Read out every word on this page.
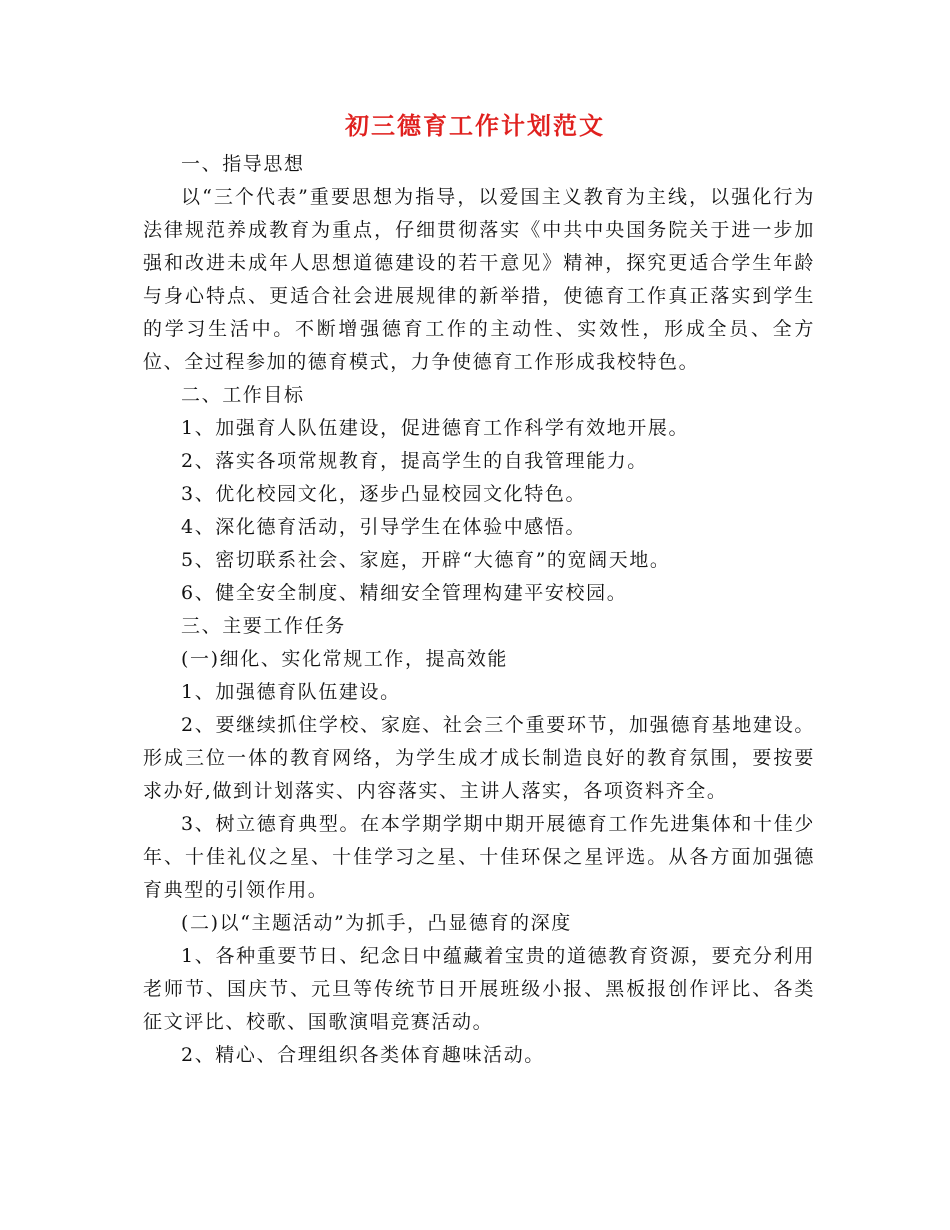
初三德育工作计划范文

一、指导思想

以“三个代表”重要思想为指导，以爱国主义教育为主线，以强化行为法律规范养成教育为重点，仔细贯彻落实《中共中央国务院关于进一步加强和改进未成年人思想道德建设的若干意见》精神，探究更适合学生年龄与身心特点、更适合社会进展规律的新举措，使德育工作真正落实到学生的学习生活中。不断增强德育工作的主动性、实效性，形成全员、全方位、全过程参加的德育模式，力争使德育工作形成我校特色。

二、工作目标

1、加强育人队伍建设，促进德育工作科学有效地开展。

2、落实各项常规教育，提高学生的自我管理能力。

3、优化校园文化，逐步凸显校园文化特色。

4、深化德育活动，引导学生在体验中感悟。

5、密切联系社会、家庭，开辟“大德育”的宽阔天地。

6、健全安全制度、精细安全管理构建平安校园。

三、主要工作任务

(一)细化、实化常规工作，提高效能

1、加强德育队伍建设。

2、要继续抓住学校、家庭、社会三个重要环节，加强德育基地建设。形成三位一体的教育网络，为学生成才成长制造良好的教育氛围，要按要求办好,做到计划落实、内容落实、主讲人落实，各项资料齐全。

3、树立德育典型。在本学期学期中期开展德育工作先进集体和十佳少年、十佳礼仪之星、十佳学习之星、十佳环保之星评选。从各方面加强德育典型的引领作用。

(二)以“主题活动”为抓手，凸显德育的深度

1、各种重要节日、纪念日中蕴藏着宝贵的道德教育资源，要充分利用老师节、国庆节、元旦等传统节日开展班级小报、黑板报创作评比、各类征文评比、校歌、国歌演唱竞赛活动。

2、精心、合理组织各类体育趣味活动。
